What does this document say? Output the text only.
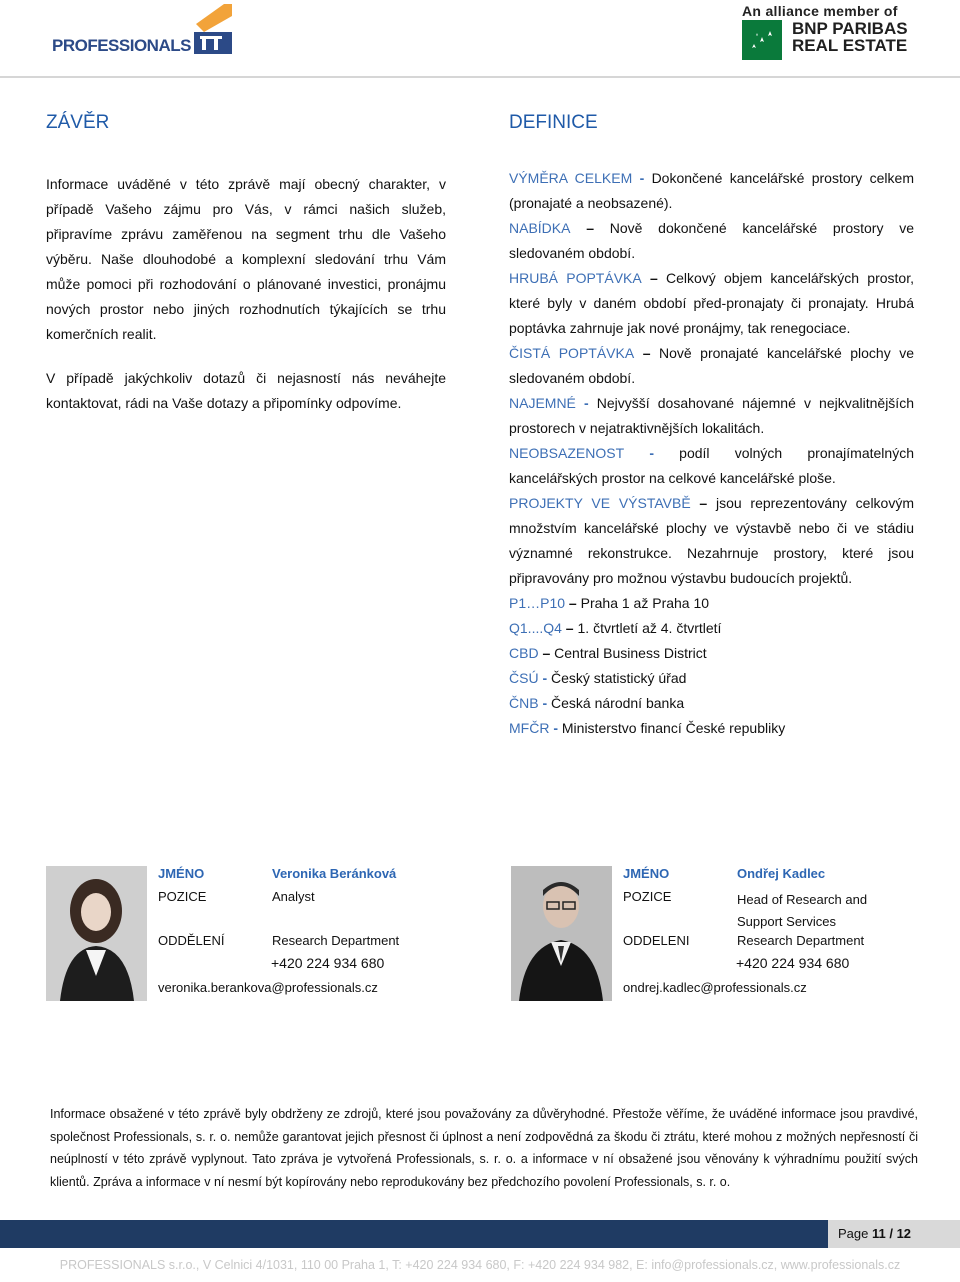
PROFESSIONALS
An alliance member of
BNP PARIBAS
REAL ESTATE
ZÁVĚR	DEFINICE

Informace uváděné v této zprávě mají obecný charakter, v případě Vašeho zájmu pro Vás, v rámci našich služeb, připravíme zprávu zaměřenou na segment trhu dle Vašeho výběru. Naše dlouhodobé a komplexní sledování trhu Vám může pomoci při rozhodování o plánované investici, pronájmu nových prostor nebo jiných rozhodnutích týkajících se trhu komerčních realit.

V případě jakýchkoliv dotazů či nejasností nás neváhejte kontaktovat, rádi na Vaše dotazy a připomínky odpovíme.

VÝMĚRA CELKEM - Dokončené kancelářské prostory celkem (pronajaté a neobsazené).

NABÍDKA – Nově dokončené kancelářské prostory ve sledovaném období.

HRUBÁ POPTÁVKA – Celkový objem kancelářských prostor, které byly v daném období před-pronajaty či pronajaty. Hrubá poptávka zahrnuje jak nové pronájmy, tak renegociace.

ČISTÁ POPTÁVKA – Nově pronajaté kancelářské plochy ve sledovaném období.

NAJEMNÉ - Nejvyšší dosahované nájemné v nejkvalitnějších prostorech v nejatraktivnějších lokalitách.

NEOBSAZENOST - podíl volných pronajímatelných kancelářských prostor na celkové kancelářské ploše.

PROJEKTY VE VÝSTAVBĚ – jsou reprezentovány celkovým množstvím kancelářské plochy ve výstavbě nebo či ve stádiu významné rekonstrukce. Nezahrnuje prostory, které jsou připravovány pro možnou výstavbu budoucích projektů.

P1…P10 – Praha 1 až Praha 10

Q1....Q4 – 1. čtvrtletí až 4. čtvrtletí

CBD – Central Business District

ČSÚ - Český statistický úřad

ČNB - Česká národní banka

MFČR - Ministerstvo financí České republiky

JMÉNO	Veronika Beránková
POZICE	Analyst
ODDĚLENÍ	Research Department
+420 224 934 680
veronika.berankova@professionals.cz
JMÉNO	Ondřej Kadlec
POZICE	Head of Research and Support Services
ODDELENI	Research Department
+420 224 934 680
ondrej.kadlec@professionals.cz
Informace obsažené v této zprávě byly obdrženy ze zdrojů, které jsou považovány za důvěryhodné. Přestože věříme, že uváděné informace jsou pravdivé, společnost Professionals, s. r. o. nemůže garantovat jejich přesnost či úplnost a není zodpovědná za škodu či ztrátu, které mohou z možných nepřesností či neúplností v této zprávě vyplynout. Tato zpráva je vytvořená Professionals, s. r. o. a informace v ní obsažené jsou věnovány k výhradnímu použití svých klientů. Zpráva a informace v ní nesmí být kopírovány nebo reprodukovány bez předchozího povolení Professionals, s. r. o.
Page 11 / 12
PROFESSIONALS s.r.o., V Celnici 4/1031, 110 00 Praha 1, T: +420 224 934 680, F: +420 224 934 982, E: info@professionals.cz, www.professionals.cz
